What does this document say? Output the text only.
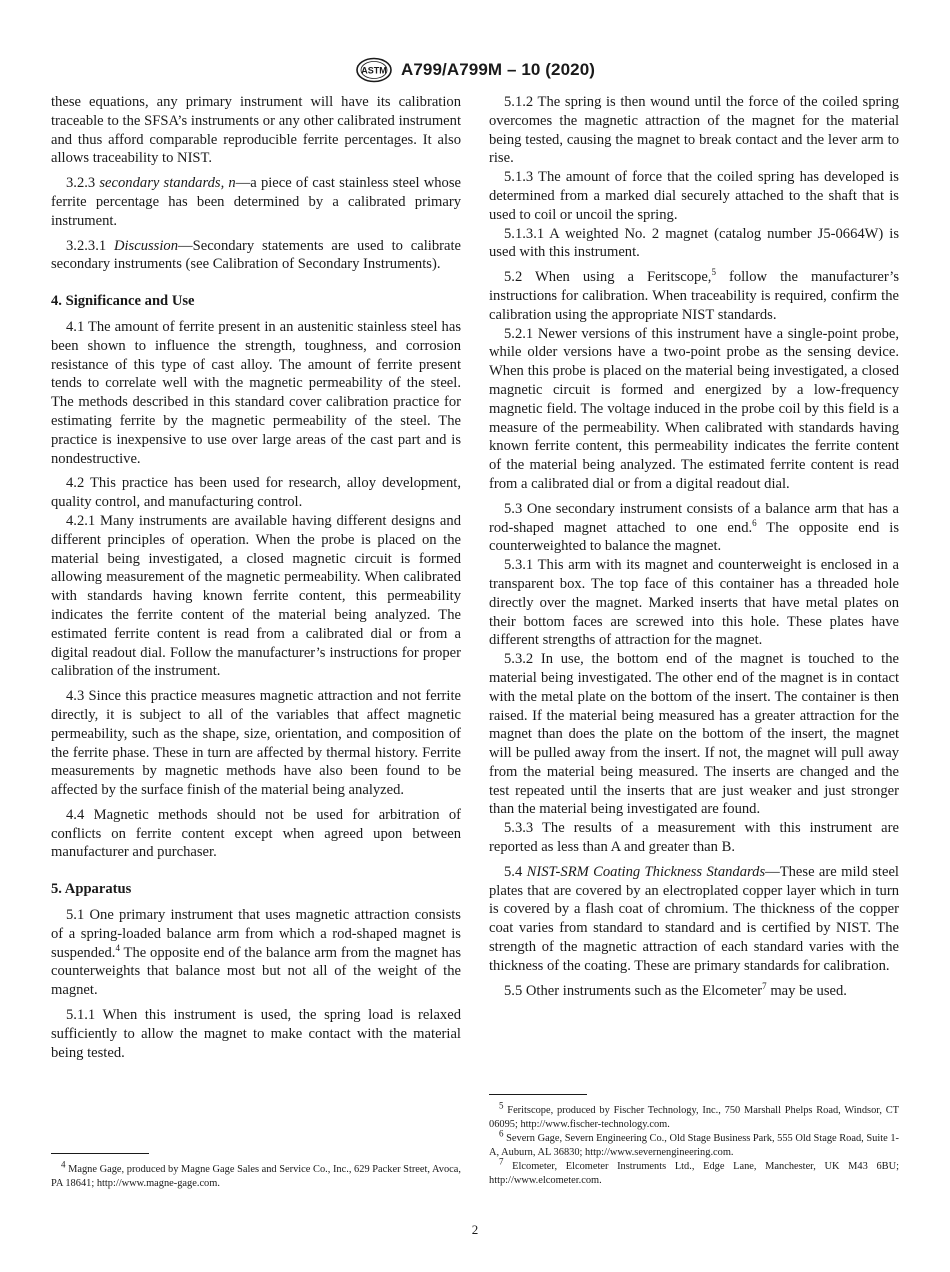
ASTM A799/A799M – 10 (2020)

these equations, any primary instrument will have its calibration traceable to the SFSA’s instruments or any other calibrated instrument and thus afford comparable reproducible ferrite percentages. It also allows traceability to NIST.

3.2.3 secondary standards, n—a piece of cast stainless steel whose ferrite percentage has been determined by a calibrated primary instrument.

3.2.3.1 Discussion—Secondary statements are used to calibrate secondary instruments (see Calibration of Secondary Instruments).

4. Significance and Use

4.1 The amount of ferrite present in an austenitic stainless steel has been shown to influence the strength, toughness, and corrosion resistance of this type of cast alloy. The amount of ferrite present tends to correlate well with the magnetic permeability of the steel. The methods described in this standard cover calibration practice for estimating ferrite by the magnetic permeability of the steel. The practice is inexpensive to use over large areas of the cast part and is nondestructive.

4.2 This practice has been used for research, alloy development, quality control, and manufacturing control.

4.2.1 Many instruments are available having different designs and different principles of operation. When the probe is placed on the material being investigated, a closed magnetic circuit is formed allowing measurement of the magnetic permeability. When calibrated with standards having known ferrite content, this permeability indicates the ferrite content of the material being analyzed. The estimated ferrite content is read from a calibrated dial or from a digital readout dial. Follow the manufacturer’s instructions for proper calibration of the instrument.

4.3 Since this practice measures magnetic attraction and not ferrite directly, it is subject to all of the variables that affect magnetic permeability, such as the shape, size, orientation, and composition of the ferrite phase. These in turn are affected by thermal history. Ferrite measurements by magnetic methods have also been found to be affected by the surface finish of the material being analyzed.

4.4 Magnetic methods should not be used for arbitration of conflicts on ferrite content except when agreed upon between manufacturer and purchaser.

5. Apparatus

5.1 One primary instrument that uses magnetic attraction consists of a spring-loaded balance arm from which a rod-shaped magnet is suspended.$^4$ The opposite end of the balance arm from the magnet has counterweights that balance most but not all of the weight of the magnet.

5.1.1 When this instrument is used, the spring load is relaxed sufficiently to allow the magnet to make contact with the material being tested.

$^4$ Magne Gage, produced by Magne Gage Sales and Service Co., Inc., 629 Packer Street, Avoca, PA 18641; http://www.magne-gage.com.

5.1.2 The spring is then wound until the force of the coiled spring overcomes the magnetic attraction of the magnet for the material being tested, causing the magnet to break contact and the lever arm to rise.

5.1.3 The amount of force that the coiled spring has developed is determined from a marked dial securely attached to the shaft that is used to coil or uncoil the spring.

5.1.3.1 A weighted No. 2 magnet (catalog number J5-0664W) is used with this instrument.

5.2 When using a Feritscope,$^5$ follow the manufacturer’s instructions for calibration. When traceability is required, confirm the calibration using the appropriate NIST standards.

5.2.1 Newer versions of this instrument have a single-point probe, while older versions have a two-point probe as the sensing device. When this probe is placed on the material being investigated, a closed magnetic circuit is formed and energized by a low-frequency magnetic field. The voltage induced in the probe coil by this field is a measure of the permeability. When calibrated with standards having known ferrite content, this permeability indicates the ferrite content of the material being analyzed. The estimated ferrite content is read from a calibrated dial or from a digital readout dial.

5.3 One secondary instrument consists of a balance arm that has a rod-shaped magnet attached to one end.$^6$ The opposite end is counterweighted to balance the magnet.

5.3.1 This arm with its magnet and counterweight is enclosed in a transparent box. The top face of this container has a threaded hole directly over the magnet. Marked inserts that have metal plates on their bottom faces are screwed into this hole. These plates have different strengths of attraction for the magnet.

5.3.2 In use, the bottom end of the magnet is touched to the material being investigated. The other end of the magnet is in contact with the metal plate on the bottom of the insert. The container is then raised. If the material being measured has a greater attraction for the magnet than does the plate on the bottom of the insert, the magnet will be pulled away from the insert. If not, the magnet will pull away from the material being measured. The inserts are changed and the test repeated until the inserts that are just weaker and just stronger than the material being investigated are found.

5.3.3 The results of a measurement with this instrument are reported as less than A and greater than B.

5.4 NIST-SRM Coating Thickness Standards—These are mild steel plates that are covered by an electroplated copper layer which in turn is covered by a flash coat of chromium. The thickness of the copper coat varies from standard to standard and is certified by NIST. The strength of the magnetic attraction of each standard varies with the thickness of the coating. These are primary standards for calibration.

5.5 Other instruments such as the Elcometer$^7$ may be used.

$^5$ Feritscope, produced by Fischer Technology, Inc., 750 Marshall Phelps Road, Windsor, CT 06095; http://www.fischer-technology.com.

$^6$ Severn Gage, Severn Engineering Co., Old Stage Business Park, 555 Old Stage Road, Suite 1-A, Auburn, AL 36830; http://www.severnengineering.com.

$^7$ Elcometer, Elcometer Instruments Ltd., Edge Lane, Manchester, UK M43 6BU; http://www.elcometer.com.

2
